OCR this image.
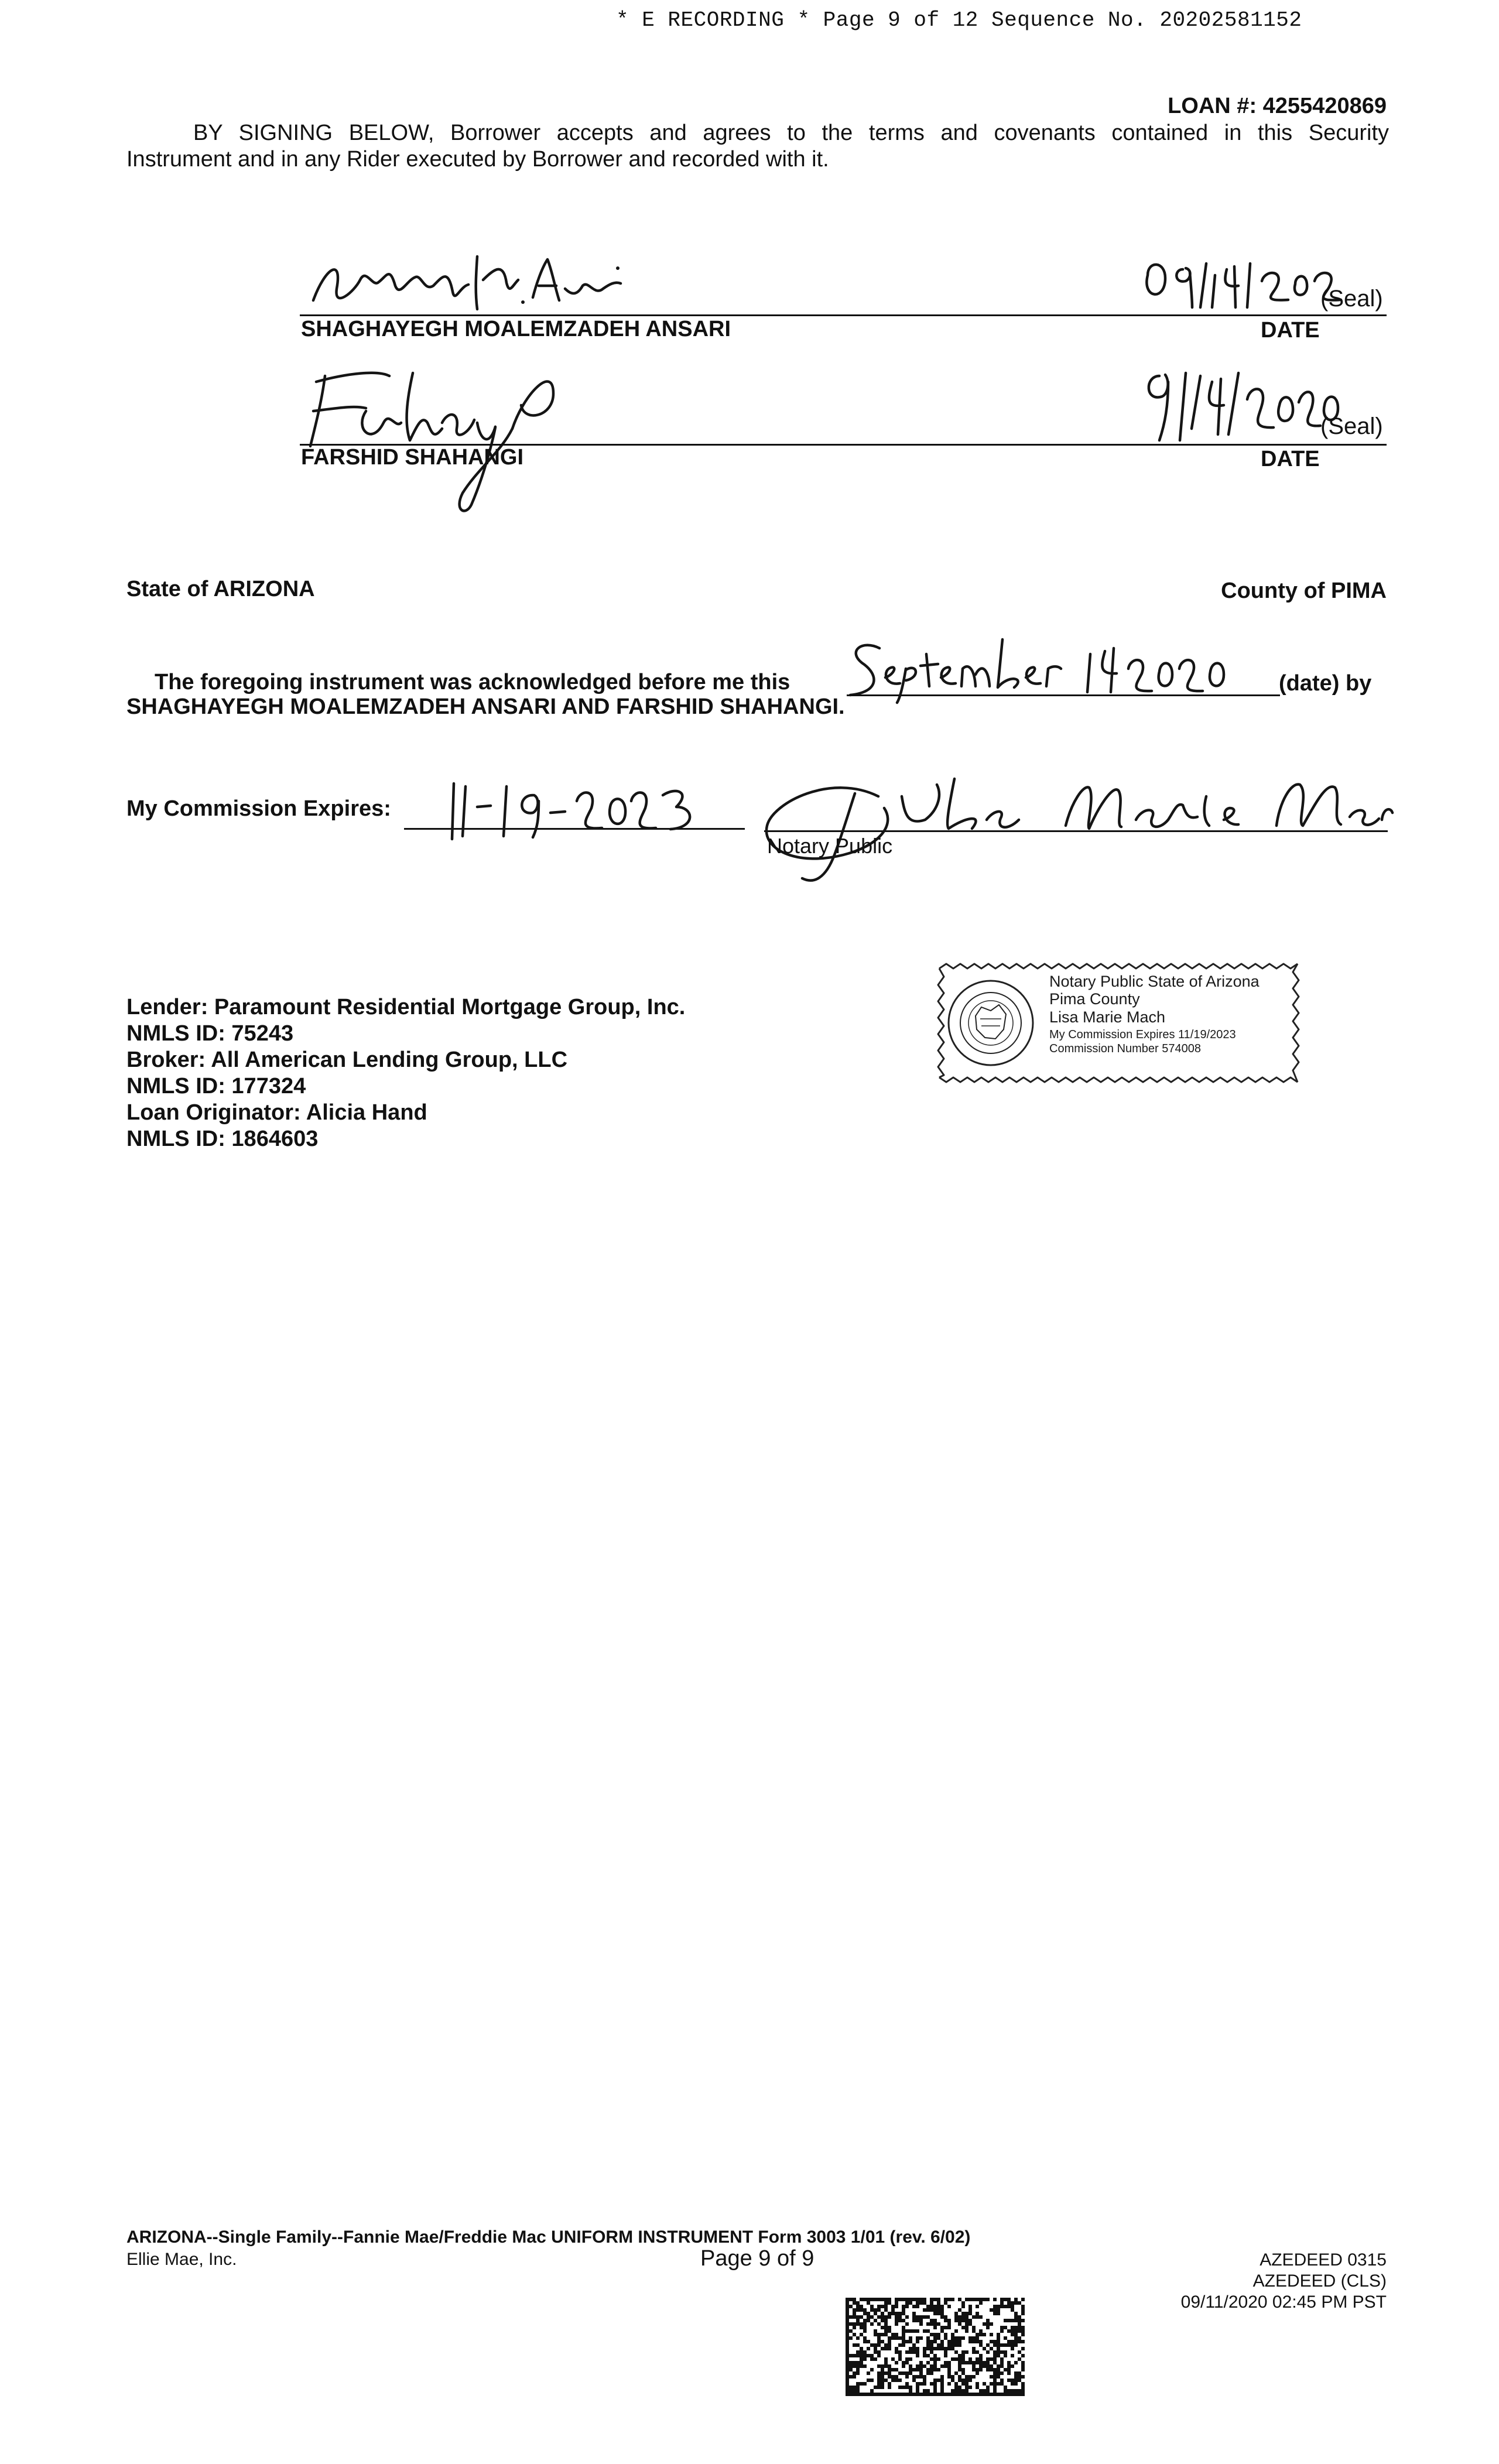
* E RECORDING * Page 9 of 12 Sequence No. 20202581152
LOAN #: 4255420869
BY SIGNING BELOW, Borrower accepts and agrees to the terms and covenants contained in this Security
Instrument and in any Rider executed by Borrower and recorded with it.
(Seal)
SHAGHAYEGH MOALEMZADEH ANSARI	DATE
(Seal)
FARSHID SHAHANGI	DATE
State of ARIZONA	County of PIMA
The foregoing instrument was acknowledged before me this	(date) by
SHAGHAYEGH MOALEMZADEH ANSARI AND FARSHID SHAHANGI.
My Commission Expires:
Notary Public
Notary Public State of Arizona
Pima County
Lisa Marie Mach
My Commission Expires 11/19/2023
Commission Number 574008
Lender: Paramount Residential Mortgage Group, Inc.
NMLS ID: 75243
Broker: All American Lending Group, LLC
NMLS ID: 177324
Loan Originator: Alicia Hand
NMLS ID: 1864603
ARIZONA--Single Family--Fannie Mae/Freddie Mac UNIFORM INSTRUMENT Form 3003 1/01 (rev. 6/02)
Ellie Mae, Inc.	Page 9 of 9	AZEDEED 0315
AZEDEED (CLS)
09/11/2020 02:45 PM PST
